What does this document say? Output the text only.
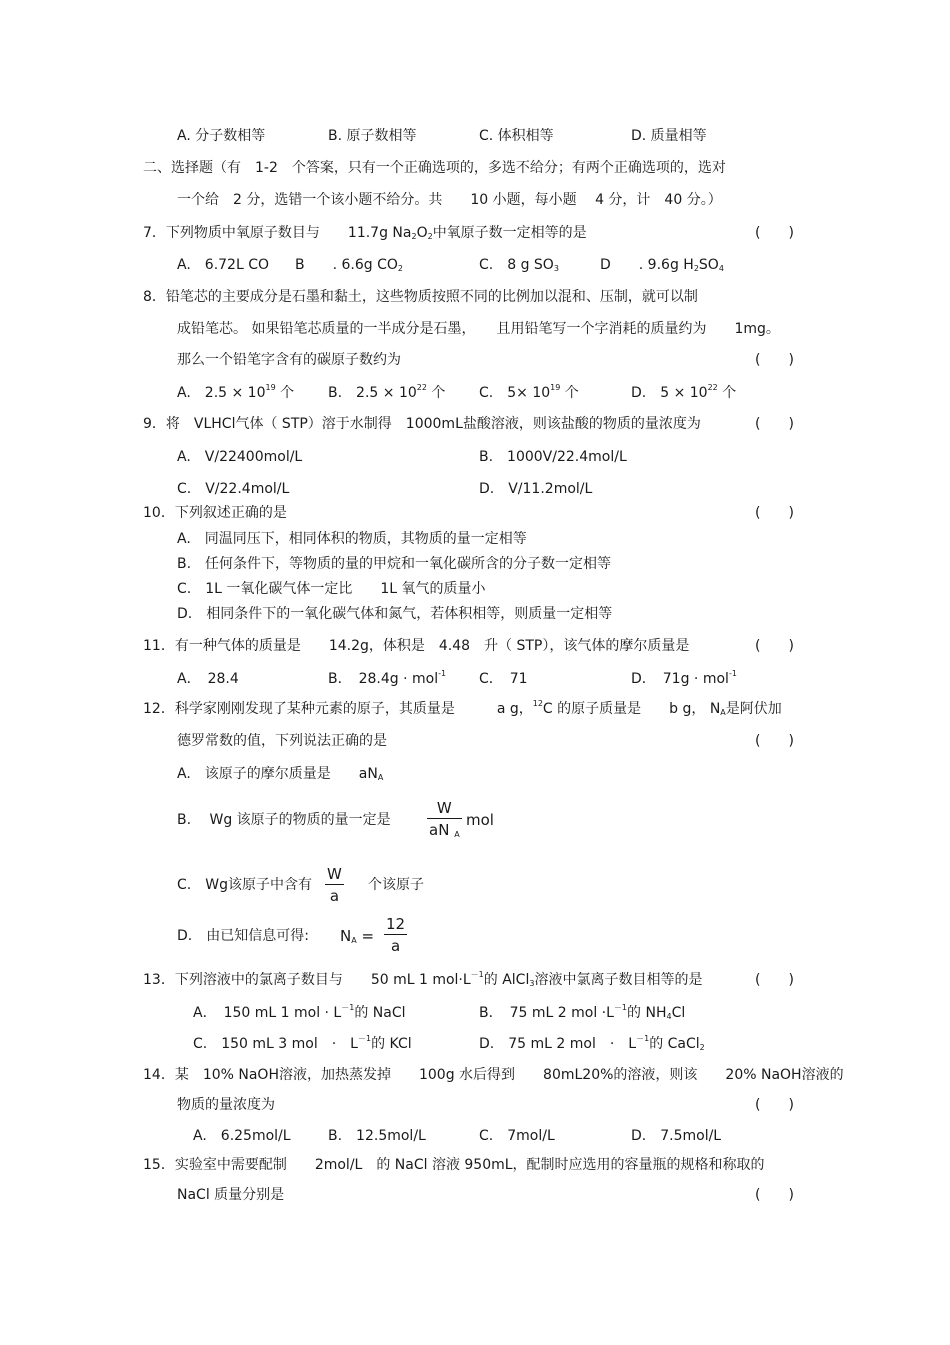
A. 分子数相等	B. 原子数相等	C. 体积相等	D. 质量相等
二、选择题（有　1-2　个答案，只有一个正确选项的，多选不给分；有两个正确选项的，选对
一个给　2 分，选错一个该小题不给分。共　　10 小题，每小题　 4 分，计　40 分。）
7．下列物质中氧原子数目与　　11.7g $Na_2O_2$中氧原子数一定相等的是	(　　)
A.　6.72L CO B　　. 6.6g $CO_2$	C.　8 g $SO_3$	D　　. 9.6g $H_2SO_4$
8．铅笔芯的主要成分是石墨和黏土，这些物质按照不同的比例加以混和、压制，就可以制
成铅笔芯。 如果铅笔芯质量的一半成分是石墨，　　且用铅笔写一个字消耗的质量约为　　1mg。
那么一个铅笔字含有的碳原子数约为	(　　)
A.　$2.5 \times 10^{19}$ 个 B.　$2.5 \times 10^{22}$ 个 C.　$5\times 10^{19}$ 个	D.　$5 \times 10^{22}$ 个
9．将　VLHCl气体（ STP）溶于水制得　1000mL盐酸溶液，则该盐酸的物质的量浓度为	(　　)
A.　V/22400mol/L	B.　1000V/22.4mol/L
C.　V/22.4mol/L	D.　V/11.2mol/L
10．下列叙述正确的是	(　　)
A.　同温同压下，相同体积的物质，其物质的量一定相等
B.　任何条件下，等物质的量的甲烷和一氧化碳所含的分子数一定相等
C.　1L 一氧化碳气体一定比　　1L 氧气的质量小
D.　相同条件下的一氧化碳气体和氮气，若体积相等，则质量一定相等
11．有一种气体的质量是　　14.2g，体积是　4.48　升（ STP），该气体的摩尔质量是	(　　)
A．　28.4	B．　28.4g · mol$^{-1}$ C．　71	D．　71g · mol$^{-1}$
12．科学家刚刚发现了某种元素的原子，其质量是　　　a g，$^{12}$C 的原子质量是　　b g， $N_A$是阿伏加
德罗常数的值，下列说法正确的是	(　　)
A.　该原子的摩尔质量是　　$aN_A$
B.　 Wg 该原子的物质的量一定是
W
aN $_A$
mol
C.　Wg该原子中含有
W
a
个该原子
D.　由已知信息可得: $N_A$ =
12
a
13．下列溶液中的氯离子数目与　　50 mL 1 $mol\cdot L^{-1}$的 AlCl$_3$溶液中氯离子数目相等的是	(　　)
A．　150 mL 1 mol · $L^{-1}$的 NaCl	B．　75 mL 2 mol $\cdot L^{-1}$的 $NH_4Cl$
C.　150 mL 3 mol　·　$L^{-1}$的 KCl	D.　75 mL 2 mol　·　$L^{-1}$的 CaCl$_2$
14．某　10% NaOH溶液，加热蒸发掉　　100g 水后得到　　80mL20%的溶液，则该　　20% NaOH溶液的
物质的量浓度为	(　　)
A.　6.25mol/L	B.　12.5mol/L	C.　7mol/L	D.　7.5mol/L
15．实验室中需要配制　　2mol/L　的 NaCl 溶液 950mL，配制时应选用的容量瓶的规格和称取的
NaCl 质量分别是	(　　)
